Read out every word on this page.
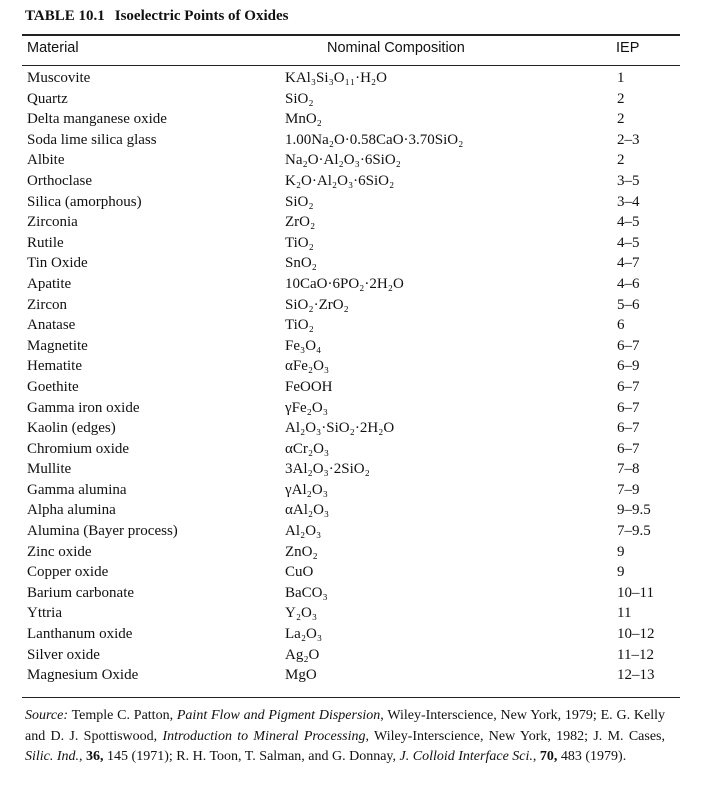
TABLE 10.1 Isoelectric Points of Oxides
Material	Nominal Composition	IEP
Muscovite	KAl₃Si₃O₁₁·H₂O	1
Quartz	SiO₂	2
Delta manganese oxide	MnO₂	2
Soda lime silica glass	1.00Na₂O·0.58CaO·3.70SiO₂	2–3
Albite	Na₂O·Al₂O₃·6SiO₂	2
Orthoclase	K₂O·Al₂O₃·6SiO₂	3–5
Silica (amorphous)	SiO₂	3–4
Zirconia	ZrO₂	4–5
Rutile	TiO₂	4–5
Tin Oxide	SnO₂	4–7
Apatite	10CaO·6PO₂·2H₂O	4–6
Zircon	SiO₂·ZrO₂	5–6
Anatase	TiO₂	6
Magnetite	Fe₃O₄	6–7
Hematite	αFe₂O₃	6–9
Goethite	FeOOH	6–7
Gamma iron oxide	γFe₂O₃	6–7
Kaolin (edges)	Al₂O₃·SiO₂·2H₂O	6–7
Chromium oxide	αCr₂O₃	6–7
Mullite	3Al₂O₃·2SiO₂	7–8
Gamma alumina	γAl₂O₃	7–9
Alpha alumina	αAl₂O₃	9–9.5
Alumina (Bayer process)	Al₂O₃	7–9.5
Zinc oxide	ZnO₂	9
Copper oxide	CuO	9
Barium carbonate	BaCO₃	10–11
Yttria	Y₂O₃	11
Lanthanum oxide	La₂O₃	10–12
Silver oxide	Ag₂O	11–12
Magnesium Oxide	MgO	12–13
Source: Temple C. Patton, Paint Flow and Pigment Dispersion, Wiley-Interscience, New York, 1979; E. G. Kelly and D. J. Spottiswood, Introduction to Mineral Processing, Wiley-Interscience, New York, 1982; J. M. Cases, Silic. Ind., 36, 145 (1971); R. H. Toon, T. Salman, and G. Donnay, J. Colloid Interface Sci., 70, 483 (1979).
